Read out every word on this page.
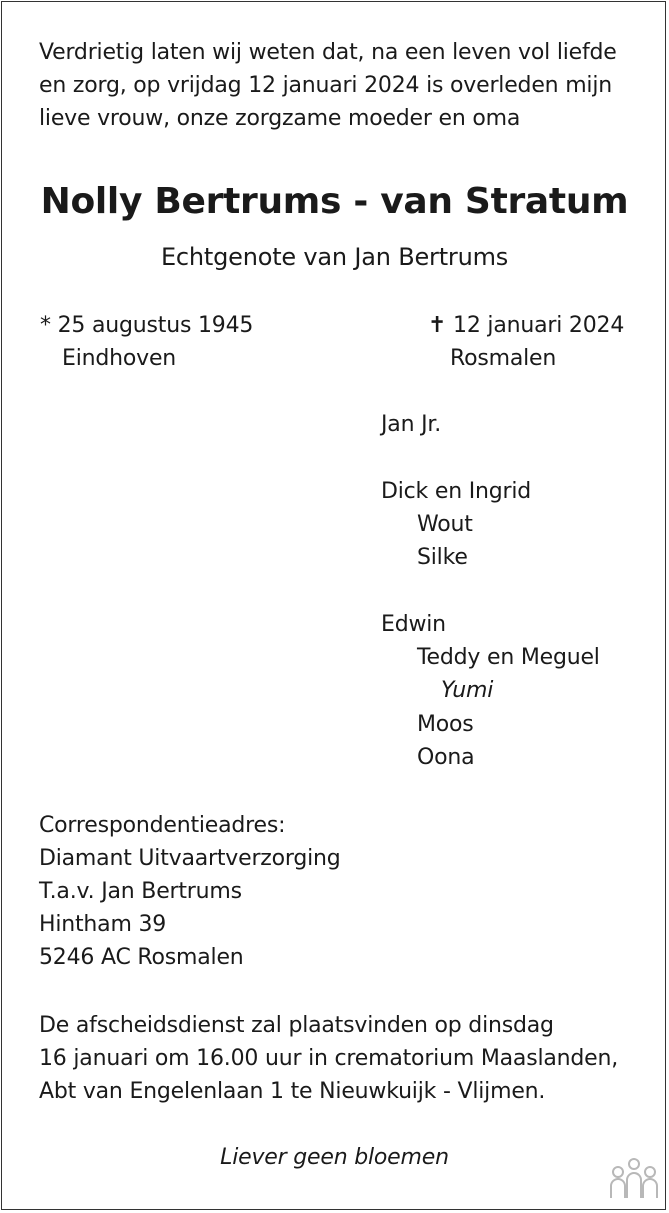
Verdrietig laten wij weten dat, na een leven vol liefde
en zorg, op vrijdag 12 januari 2024 is overleden mijn
lieve vrouw, onze zorgzame moeder en oma
Nolly Bertrums - van Stratum
Echtgenote van Jan Bertrums
* 25 augustus 1945
Eindhoven
✝ 12 januari 2024
Rosmalen
Jan Jr.
Dick en Ingrid
Wout
Silke
Edwin
Teddy en Meguel
Yumi
Moos
Oona
Correspondentieadres:
Diamant Uitvaartverzorging
T.a.v. Jan Bertrums
Hintham 39
5246 AC Rosmalen
De afscheidsdienst zal plaatsvinden op dinsdag
16 januari om 16.00 uur in crematorium Maaslanden,
Abt van Engelenlaan 1 te Nieuwkuijk - Vlijmen.
Liever geen bloemen
